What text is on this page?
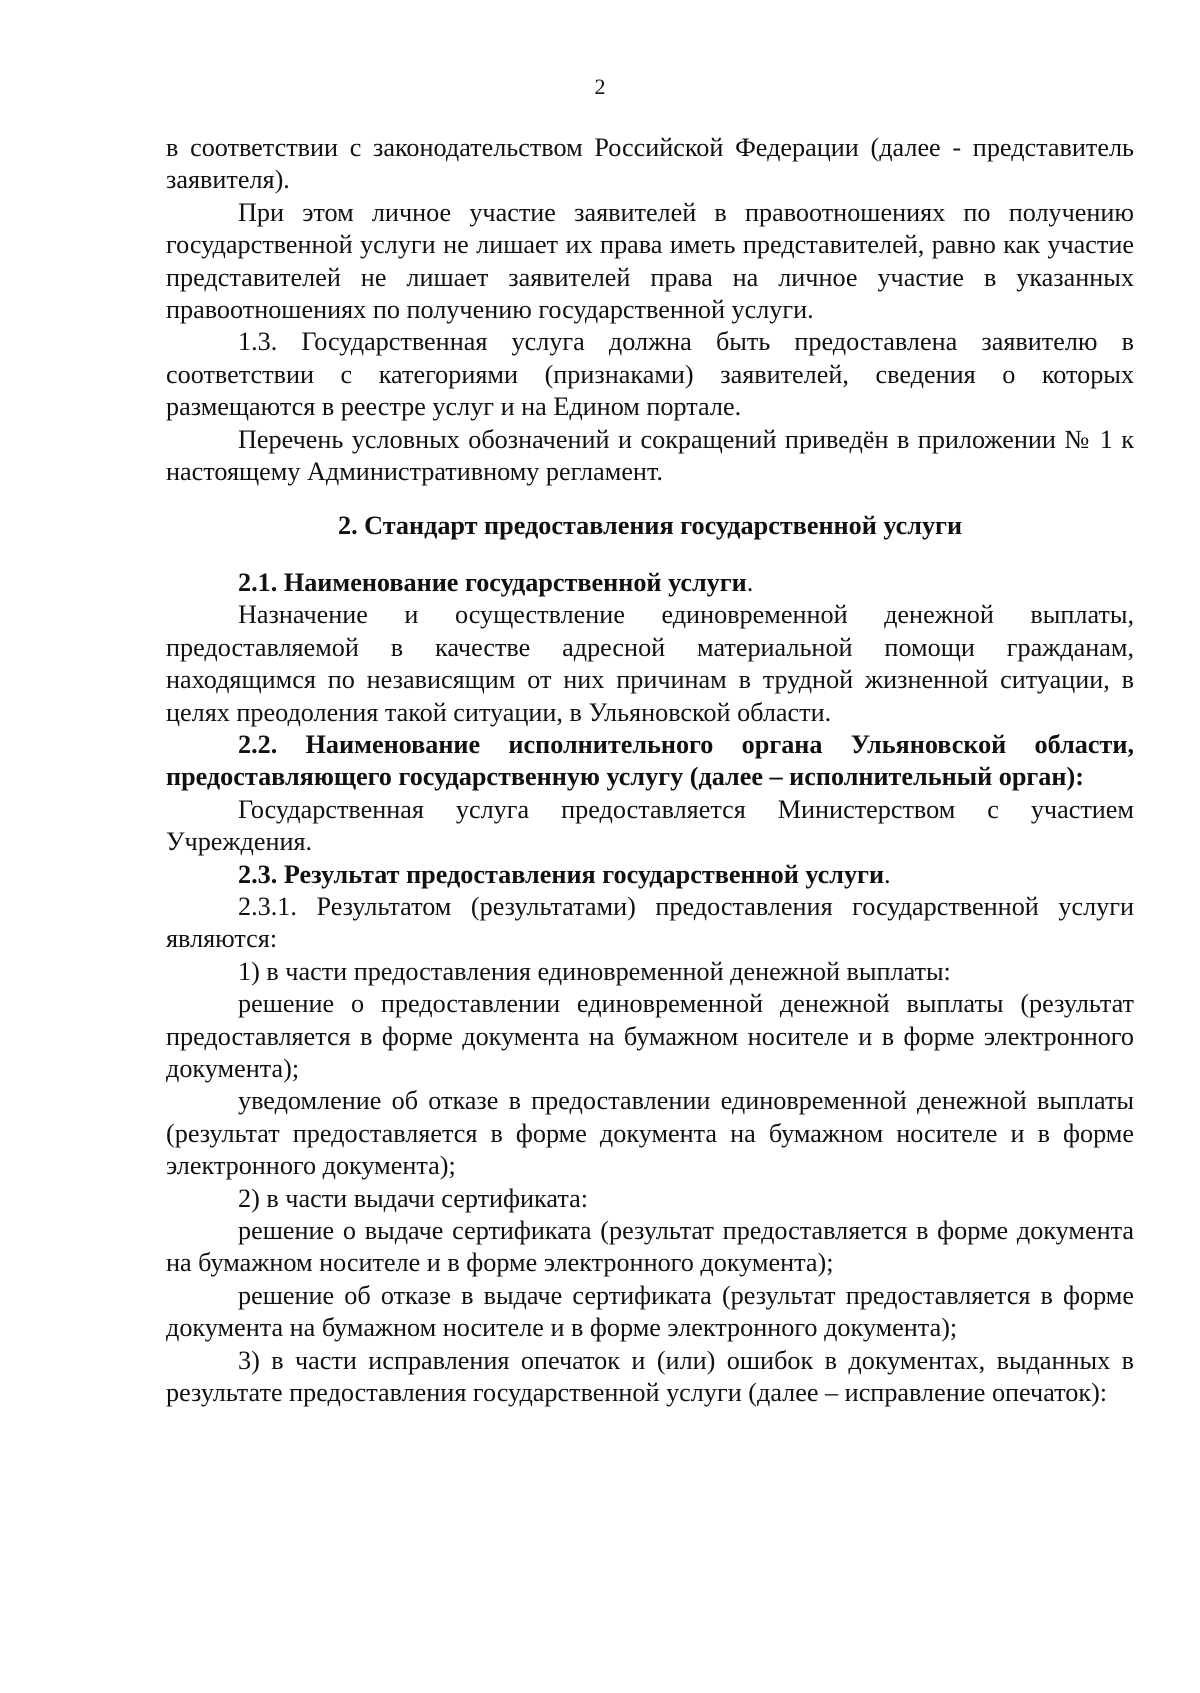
2

в соответствии с законодательством Российской Федерации (далее - представитель заявителя).

При этом личное участие заявителей в правоотношениях по получению государственной услуги не лишает их права иметь представителей, равно как участие представителей не лишает заявителей права на личное участие в указанных правоотношениях по получению государственной услуги.

1.3. Государственная услуга должна быть предоставлена заявителю в соответствии с категориями (признаками) заявителей, сведения о которых размещаются в реестре услуг и на Едином портале.

Перечень условных обозначений и сокращений приведён в приложении № 1 к настоящему Административному регламент.

2. Стандарт предоставления государственной услуги

2.1. Наименование государственной услуги.

Назначение и осуществление единовременной денежной выплаты, предоставляемой в качестве адресной материальной помощи гражданам, находящимся по независящим от них причинам в трудной жизненной ситуации, в целях преодоления такой ситуации, в Ульяновской области.

2.2. Наименование исполнительного органа Ульяновской области, предоставляющего государственную услугу (далее – исполнительный орган):

Государственная услуга предоставляется Министерством с участием Учреждения.

2.3. Результат предоставления государственной услуги.

2.3.1. Результатом (результатами) предоставления государственной услуги являются:

1) в части предоставления единовременной денежной выплаты:

решение о предоставлении единовременной денежной выплаты (результат предоставляется в форме документа на бумажном носителе и в форме электронного документа);

уведомление об отказе в предоставлении единовременной денежной выплаты (результат предоставляется в форме документа на бумажном носителе и в форме электронного документа);

2) в части выдачи сертификата:

решение о выдаче сертификата (результат предоставляется в форме документа на бумажном носителе и в форме электронного документа);

решение об отказе в выдаче сертификата (результат предоставляется в форме документа на бумажном носителе и в форме электронного документа);

3) в части исправления опечаток и (или) ошибок в документах, выданных в результате предоставления государственной услуги (далее – исправление опечаток):
